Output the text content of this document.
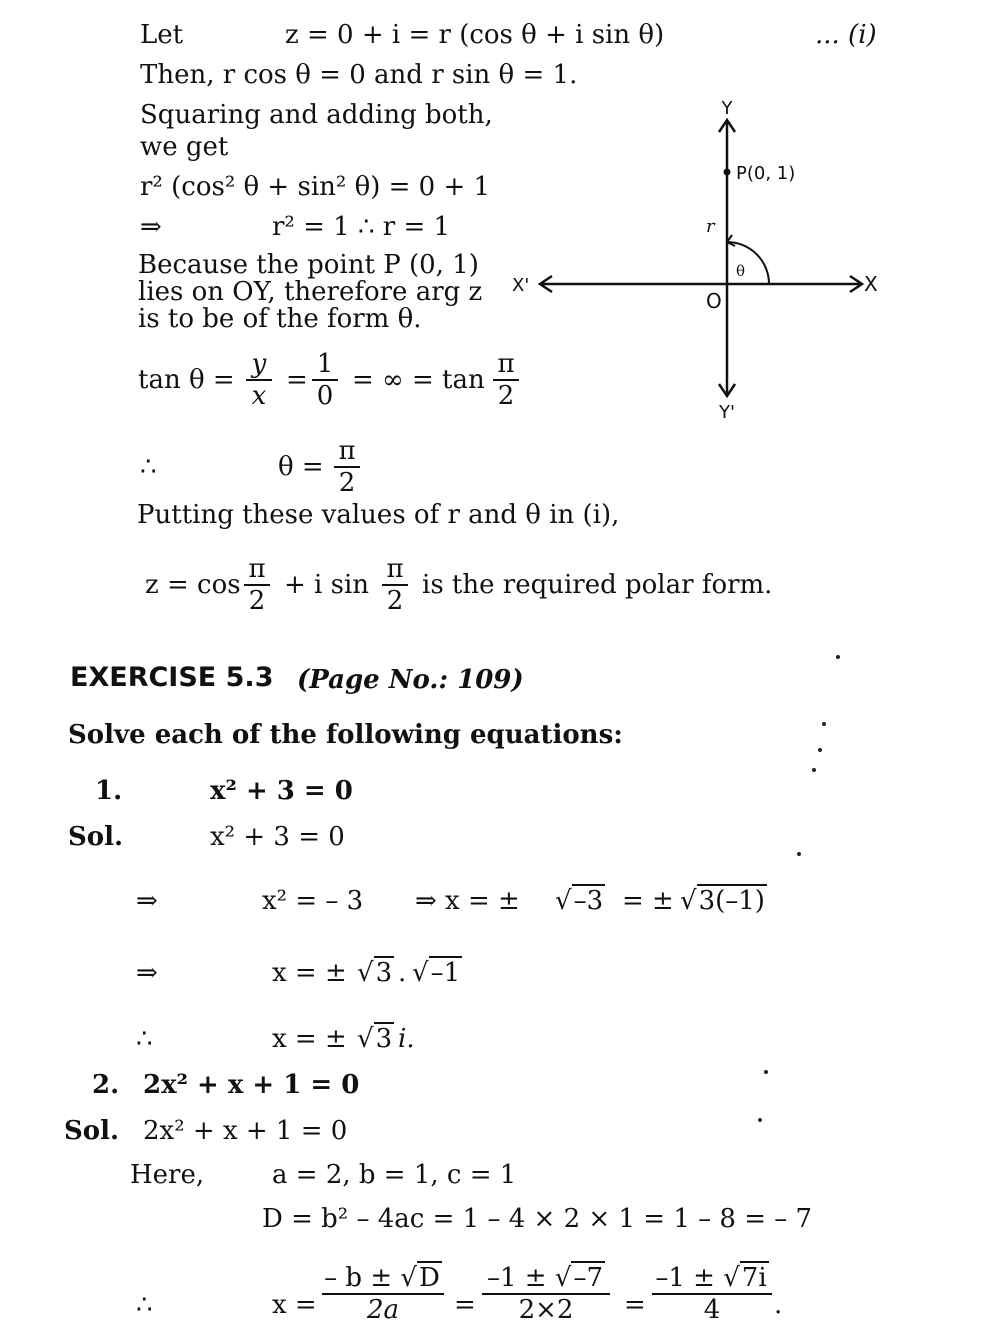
Let	z = 0 + i = r (cos θ + i sin θ)	... (i)
Then, r cos θ = 0 and r sin θ = 1.
Squaring and adding both,
we get
r² (cos² θ + sin² θ) = 0 + 1
⇒	r² = 1 ∴ r = 1
Because the point P (0, 1)
lies on OY, therefore arg z
is to be of the form θ.
tan θ =
y
x
=
1
0
= ∞ = tan
π
2
∴	θ =
π
2
Putting these values of r and θ in (i),
z = cos
π
2
+ i sin
π
2
is the required polar form.
Y
Y'
X
X'
O
P(0, 1)
r
θ
EXERCISE 5.3 (Page No.: 109)
Solve each of the following equations:
1.	x² + 3 = 0
Sol.	x² + 3 = 0
⇒	x² = – 3 ⇒ x = ± √–3 = ± √3(–1)
⇒	x = ± √3 . √–1
∴	x = ± √3 i.
2. 2x² + x + 1 = 0
Sol. 2x² + x + 1 = 0
Here,	a = 2, b = 1, c = 1
D = b² – 4ac = 1 – 4 × 2 × 1 = 1 – 8 = – 7
∴	x =
– b ± √D
2a	=
–1 ± √–7
2×2	=
–1 ± √7i
4	.
